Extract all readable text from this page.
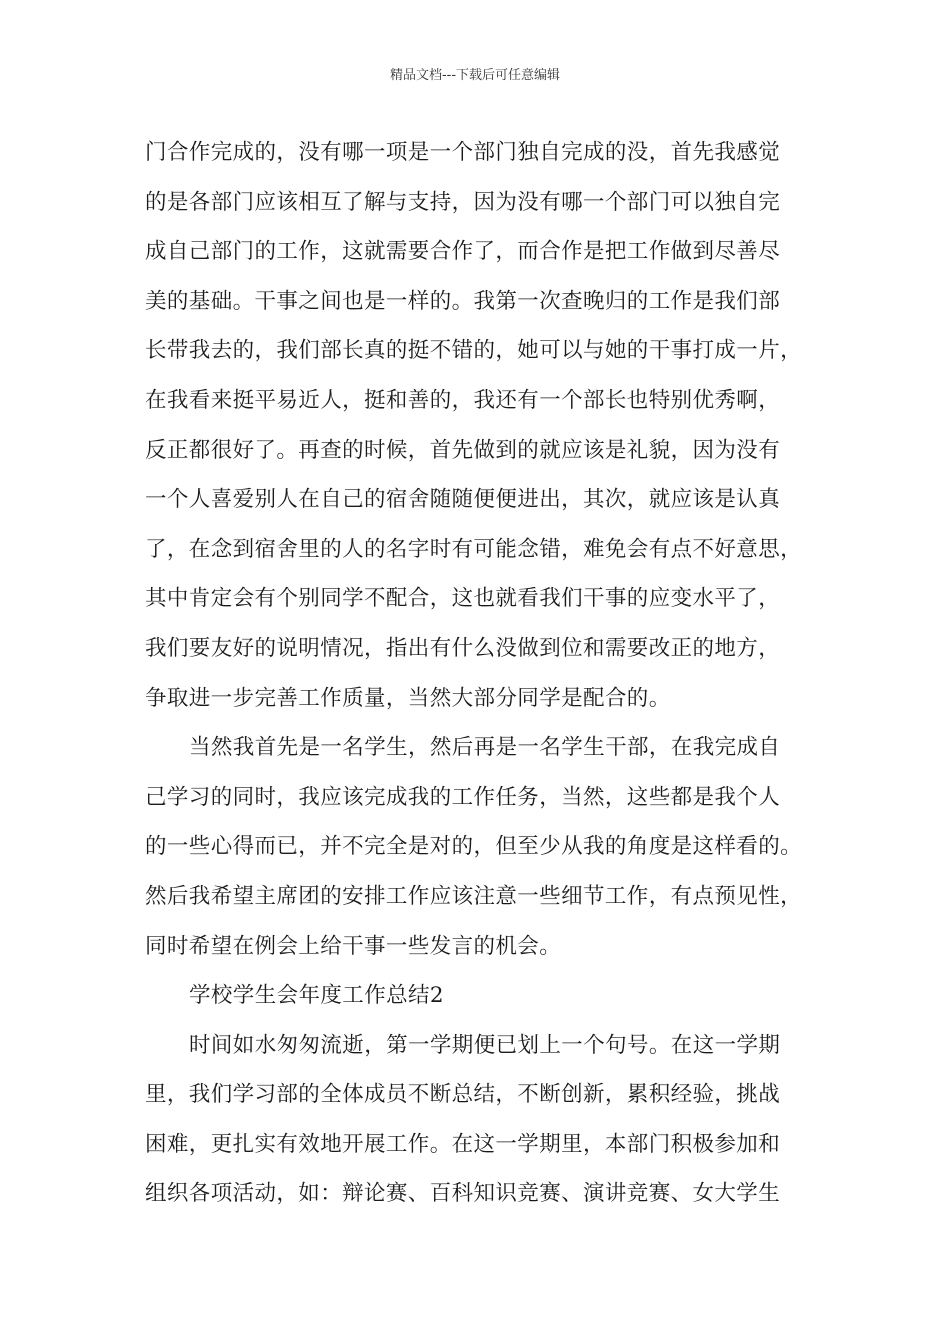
精品文档---下载后可任意编辑
门合作完成的，没有哪一项是一个部门独自完成的没，首先我感觉
的是各部门应该相互了解与支持，因为没有哪一个部门可以独自完
成自己部门的工作，这就需要合作了，而合作是把工作做到尽善尽
美的基础。干事之间也是一样的。我第一次查晚归的工作是我们部
长带我去的，我们部长真的挺不错的，她可以与她的干事打成一片，
在我看来挺平易近人，挺和善的，我还有一个部长也特别优秀啊，
反正都很好了。再查的时候，首先做到的就应该是礼貌，因为没有
一个人喜爱别人在自己的宿舍随随便便进出，其次，就应该是认真
了，在念到宿舍里的人的名字时有可能念错，难免会有点不好意思，
其中肯定会有个别同学不配合，这也就看我们干事的应变水平了，
我们要友好的说明情况，指出有什么没做到位和需要改正的地方，
争取进一步完善工作质量，当然大部分同学是配合的。
当然我首先是一名学生，然后再是一名学生干部，在我完成自
己学习的同时，我应该完成我的工作任务，当然，这些都是我个人
的一些心得而已，并不完全是对的，但至少从我的角度是这样看的。
然后我希望主席团的安排工作应该注意一些细节工作，有点预见性，
同时希望在例会上给干事一些发言的机会。
学校学生会年度工作总结2
时间如水匆匆流逝，第一学期便已划上一个句号。在这一学期
里，我们学习部的全体成员不断总结，不断创新，累积经验，挑战
困难，更扎实有效地开展工作。在这一学期里，本部门积极参加和
组织各项活动，如：辩论赛、百科知识竞赛、演讲竞赛、女大学生
